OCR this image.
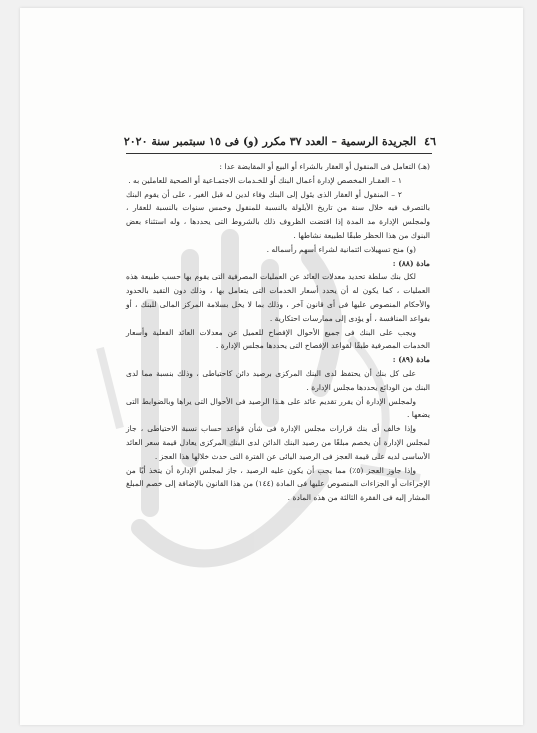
٤٦
الجريدة الرسمية – العدد ٣٧ مكرر (و) فى ١٥ سبتمبر سنة ٢٠٢٠

(هـ) التعامل فى المنقول أو العقار بالشراء أو البيع أو المقايضة عدا :

١ – العقـار المخصص لإدارة أعمال البنك أو للخـدمات الاجتمـاعية أو الصحية للعاملين به .

٢ – المنقول أو العقار الذى يئول إلى البنك وفاء لدين له قبل الغير ، على أن يقوم البنك بالتصرف فيه خلال سنة من تاريخ الأيلولة بالنسبة للمنقول وخمس سنوات بالنسبة للعقار ، ولمجلس الإدارة مد المدة إذا اقتضت الظروف ذلك بالشروط التى يحددها ، وله استثناء بعض البنوك من هذا الحظر طبقًا لطبيعة نشاطها .

(و) منح تسهيلات ائتمانية لشراء أسهم رأسماله .

مادة (٨٨) :

لكل بنك سلطة تحديد معدلات العائد عن العمليات المصرفية التى يقوم بها حسب طبيعة هذه العمليات ، كما يكون له أن يحدد أسعار الخدمات التى يتعامل بها ، وذلك دون التقيد بالحدود والأحكام المنصوص عليها فى أى قانون آخر ، وذلك بما لا يخل بسلامة المركز المالى للبنك ، أو بقواعد المنافسة ، أو يؤدى إلى ممارسات احتكارية .

ويجب على البنك فى جميع الأحوال الإفصاح للعميل عن معدلات العائد الفعلية وأسعار الخدمات المصرفية طبقًا لقواعد الإفصاح التى يحددها مجلس الإدارة .

مادة (٨٩) :

على كل بنك أن يحتفظ لدى البنك المركزى برصيد دائن كاحتياطى ، وذلك بنسبة مما لدى البنك من الودائع يحددها مجلس الإدارة .

ولمجلس الإدارة أن يقرر تقديم عائد على هـذا الرصيد فى الأحوال التى يراها وبالضوابط التى يضعها .

وإذا خالف أى بنك قرارات مجلس الإدارة فى شأن قواعد حساب نسبة الاحتياطى ، جاز لمجلس الإدارة أن يخصم مبلغًا من رصيد البنك الدائن لدى البنك المركزى يعادل قيمة سعر العائد الأساسى لديه على قيمة العجز فى الرصيد اليائى عن الفترة التى حدث خلالها هذا العجز .

وإذا جاوز العجز (٥٪) مما يجب أن يكون عليه الرصيد ، جاز لمجلس الإدارة أن يتخذ أيًا من الإجراءات أو الجزاءات المنصوص عليها فى المادة (١٤٤) من هذا القانون بالإضافة إلى خصم المبلغ المشار إليه فى الفقرة الثالثة من هذه المادة .
